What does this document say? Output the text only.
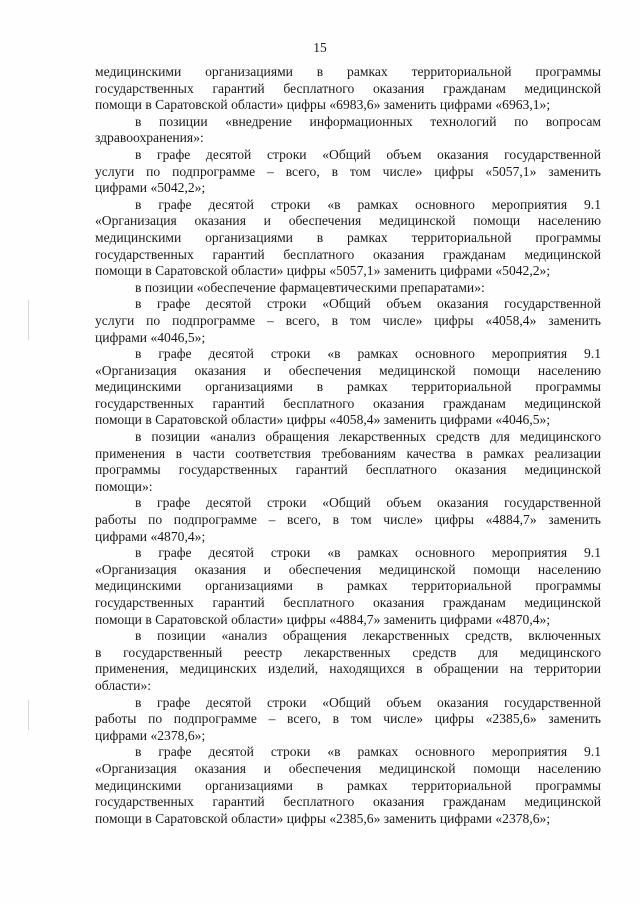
15
медицинскими организациями в рамках территориальной программы
государственных гарантий бесплатного оказания гражданам медицинской
помощи в Саратовской области» цифры «6983,6» заменить цифрами «6963,1»;
в позиции «внедрение информационных технологий по вопросам
здравоохранения»:
в графе десятой строки «Общий объем оказания государственной
услуги по подпрограмме – всего, в том числе» цифры «5057,1» заменить
цифрами «5042,2»;
в графе десятой строки «в рамках основного мероприятия 9.1
«Организация оказания и обеспечения медицинской помощи населению
медицинскими организациями в рамках территориальной программы
государственных гарантий бесплатного оказания гражданам медицинской
помощи в Саратовской области» цифры «5057,1» заменить цифрами «5042,2»;
в позиции «обеспечение фармацевтическими препаратами»:
в графе десятой строки «Общий объем оказания государственной
услуги по подпрограмме – всего, в том числе» цифры «4058,4» заменить
цифрами «4046,5»;
в графе десятой строки «в рамках основного мероприятия 9.1
«Организация оказания и обеспечения медицинской помощи населению
медицинскими организациями в рамках территориальной программы
государственных гарантий бесплатного оказания гражданам медицинской
помощи в Саратовской области» цифры «4058,4» заменить цифрами «4046,5»;
в позиции «анализ обращения лекарственных средств для медицинского
применения в части соответствия требованиям качества в рамках реализации
программы государственных гарантий бесплатного оказания медицинской
помощи»:
в графе десятой строки «Общий объем оказания государственной
работы по подпрограмме – всего, в том числе» цифры «4884,7» заменить
цифрами «4870,4»;
в графе десятой строки «в рамках основного мероприятия 9.1
«Организация оказания и обеспечения медицинской помощи населению
медицинскими организациями в рамках территориальной программы
государственных гарантий бесплатного оказания гражданам медицинской
помощи в Саратовской области» цифры «4884,7» заменить цифрами «4870,4»;
в позиции «анализ обращения лекарственных средств, включенных
в государственный реестр лекарственных средств для медицинского
применения, медицинских изделий, находящихся в обращении на территории
области»:
в графе десятой строки «Общий объем оказания государственной
работы по подпрограмме – всего, в том числе» цифры «2385,6» заменить
цифрами «2378,6»;
в графе десятой строки «в рамках основного мероприятия 9.1
«Организация оказания и обеспечения медицинской помощи населению
медицинскими организациями в рамках территориальной программы
государственных гарантий бесплатного оказания гражданам медицинской
помощи в Саратовской области» цифры «2385,6» заменить цифрами «2378,6»;
